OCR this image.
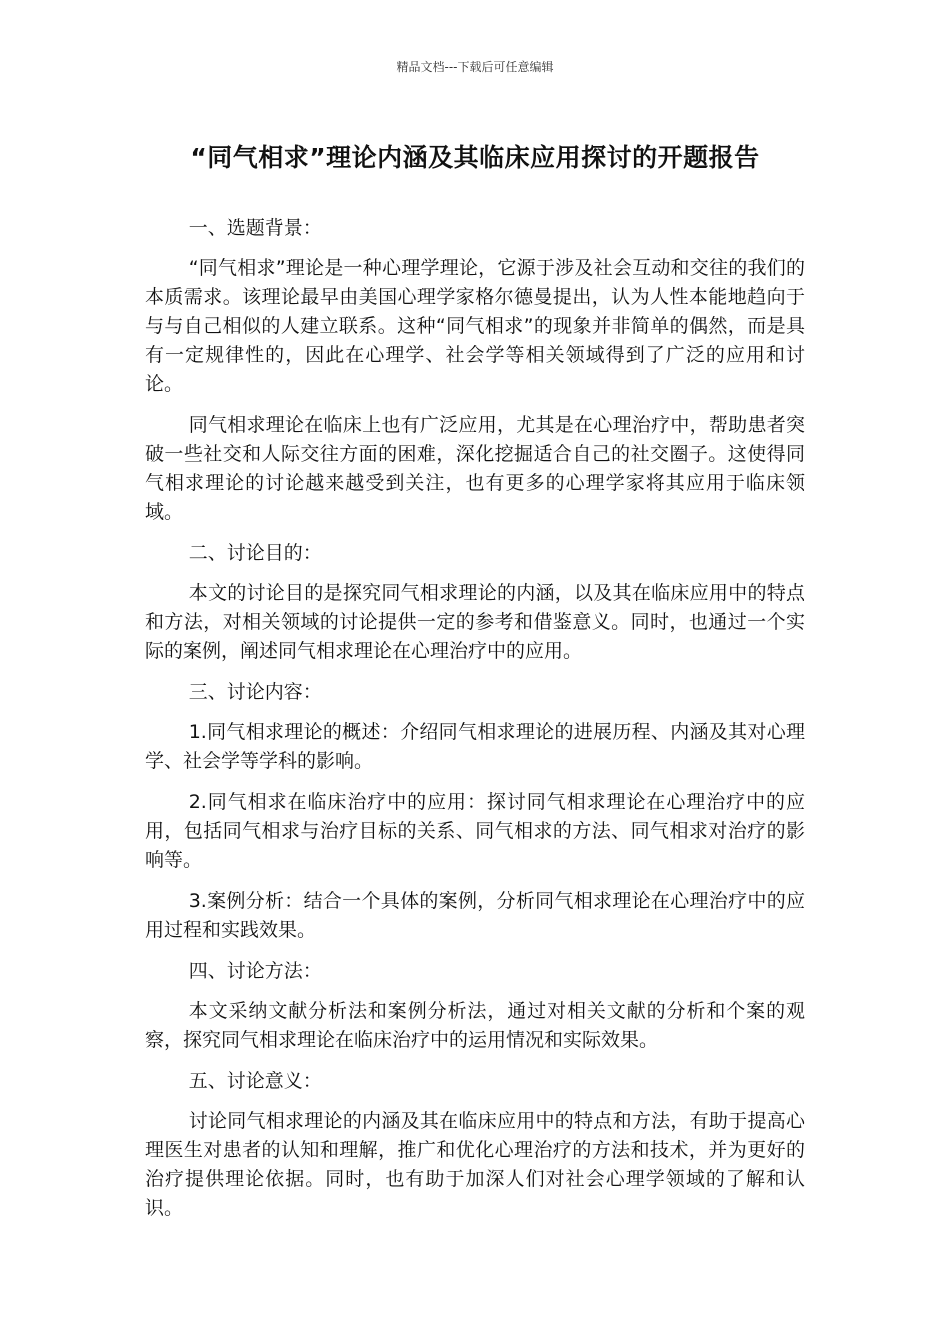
精品文档---下载后可任意编辑
“同气相求”理论内涵及其临床应用探讨的开题报告

一、选题背景：

“同气相求”理论是一种心理学理论，它源于涉及社会互动和交往的我们的本质需求。该理论最早由美国心理学家格尔德曼提出，认为人性本能地趋向于与与自己相似的人建立联系。这种“同气相求”的现象并非简单的偶然，而是具有一定规律性的，因此在心理学、社会学等相关领域得到了广泛的应用和讨论。

同气相求理论在临床上也有广泛应用，尤其是在心理治疗中，帮助患者突破一些社交和人际交往方面的困难，深化挖掘适合自己的社交圈子。这使得同气相求理论的讨论越来越受到关注，也有更多的心理学家将其应用于临床领域。

二、讨论目的：

本文的讨论目的是探究同气相求理论的内涵，以及其在临床应用中的特点和方法，对相关领域的讨论提供一定的参考和借鉴意义。同时，也通过一个实际的案例，阐述同气相求理论在心理治疗中的应用。

三、讨论内容：

1.同气相求理论的概述：介绍同气相求理论的进展历程、内涵及其对心理学、社会学等学科的影响。

2.同气相求在临床治疗中的应用：探讨同气相求理论在心理治疗中的应用，包括同气相求与治疗目标的关系、同气相求的方法、同气相求对治疗的影响等。

3.案例分析：结合一个具体的案例，分析同气相求理论在心理治疗中的应用过程和实践效果。

四、讨论方法：

本文采纳文献分析法和案例分析法，通过对相关文献的分析和个案的观察，探究同气相求理论在临床治疗中的运用情况和实际效果。

五、讨论意义：

讨论同气相求理论的内涵及其在临床应用中的特点和方法，有助于提高心理医生对患者的认知和理解，推广和优化心理治疗的方法和技术，并为更好的治疗提供理论依据。同时，也有助于加深人们对社会心理学领域的了解和认识。
